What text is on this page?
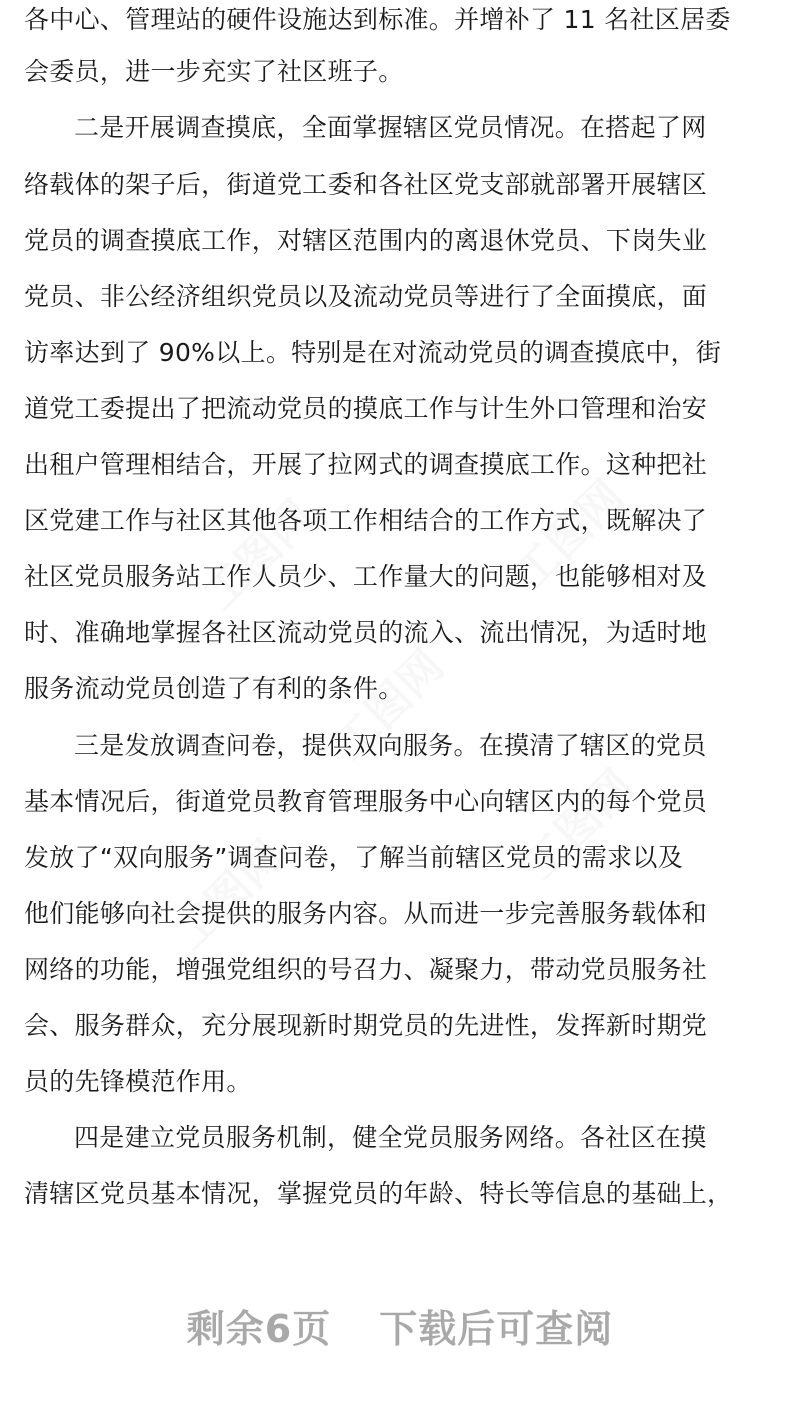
工图网
工图网
工图网
工图网
工图网
各中心、管理站的硬件设施达到标准。并增补了 11 名社区居委
会委员，进一步充实了社区班子。
二是开展调查摸底，全面掌握辖区党员情况。在搭起了网
络载体的架子后，街道党工委和各社区党支部就部署开展辖区
党员的调查摸底工作，对辖区范围内的离退休党员、下岗失业
党员、非公经济组织党员以及流动党员等进行了全面摸底，面
访率达到了 90%以上。特别是在对流动党员的调查摸底中，街
道党工委提出了把流动党员的摸底工作与计生外口管理和治安
出租户管理相结合，开展了拉网式的调查摸底工作。这种把社
区党建工作与社区其他各项工作相结合的工作方式，既解决了
社区党员服务站工作人员少、工作量大的问题，也能够相对及
时、准确地掌握各社区流动党员的流入、流出情况，为适时地
服务流动党员创造了有利的条件。
三是发放调查问卷，提供双向服务。在摸清了辖区的党员
基本情况后，街道党员教育管理服务中心向辖区内的每个党员
发放了“双向服务”调查问卷，了解当前辖区党员的需求以及
他们能够向社会提供的服务内容。从而进一步完善服务载体和
网络的功能，增强党组织的号召力、凝聚力，带动党员服务社
会、服务群众，充分展现新时期党员的先进性，发挥新时期党
员的先锋模范作用。
四是建立党员服务机制，健全党员服务网络。各社区在摸
清辖区党员基本情况，掌握党员的年龄、特长等信息的基础上，
剩余6页 下载后可查阅
